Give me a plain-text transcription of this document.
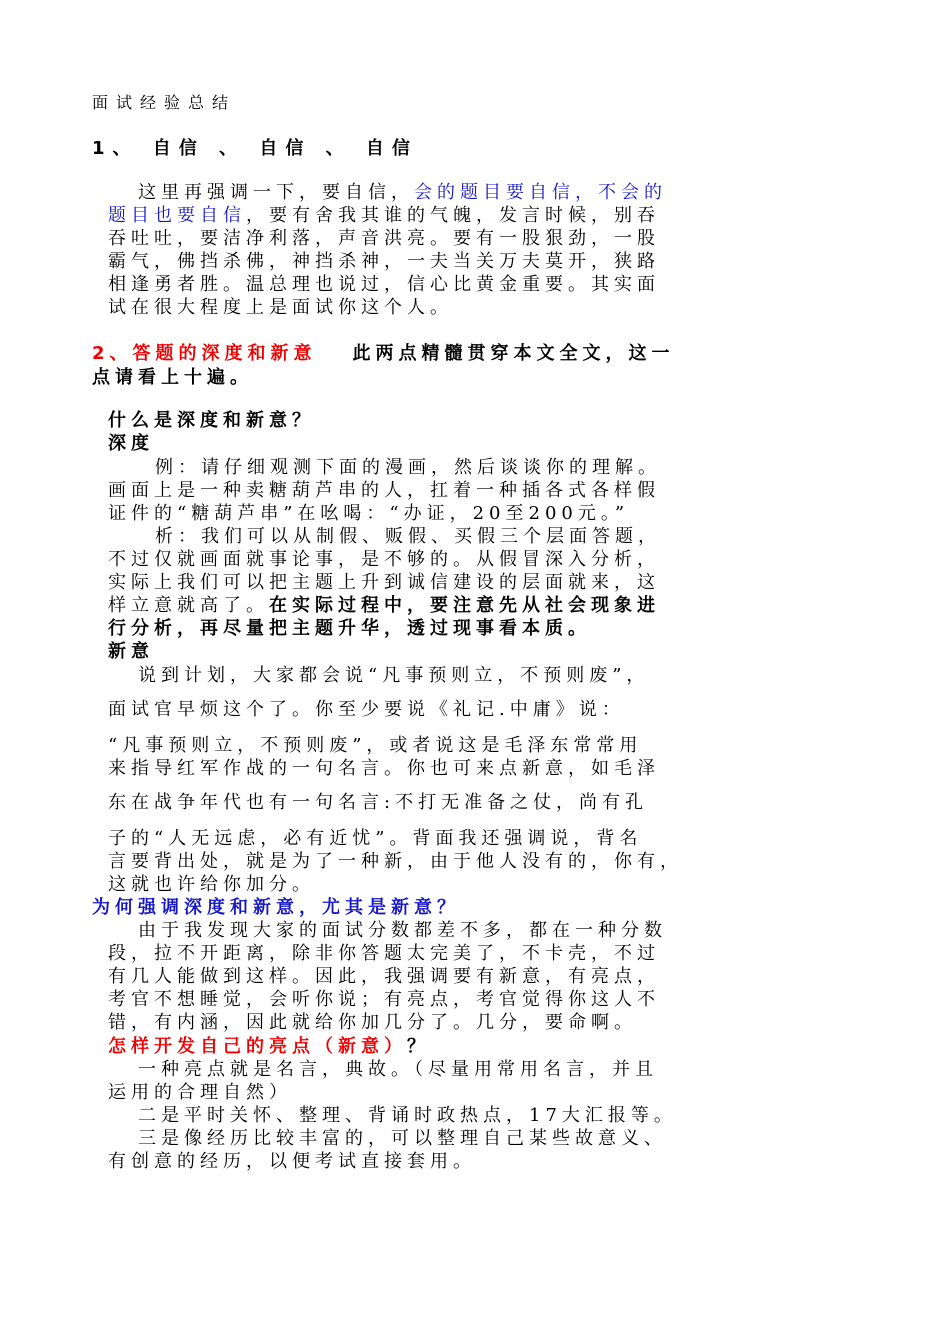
面试经验总结
1、 自信 、 自信 、 自信
这里再强调一下，要自信，会的题目要自信，不会的
题目也要自信，要有舍我其谁的气魄，发言时候，别吞
吞吐吐，要洁净利落，声音洪亮。要有一股狠劲，一股
霸气，佛挡杀佛，神挡杀神，一夫当关万夫莫开，狭路
相逢勇者胜。温总理也说过，信心比黄金重要。其实面
试在很大程度上是面试你这个人。
2、答题的深度和新意 此两点精髓贯穿本文全文，这一
点请看上十遍。
什么是深度和新意？
深度
例：请仔细观测下面的漫画，然后谈谈你的理解。
画面上是一种卖糖葫芦串的人，扛着一种插各式各样假
证件的“糖葫芦串”在吆喝：“办证，20至200元。”
析：我们可以从制假、贩假、买假三个层面答题，
不过仅就画面就事论事，是不够的。从假冒深入分析，
实际上我们可以把主题上升到诚信建设的层面就来，这
样立意就高了。在实际过程中，要注意先从社会现象进
行分析，再尽量把主题升华，透过现事看本质。
新意
说到计划，大家都会说“凡事预则立，不预则废”，
面试官早烦这个了。你至少要说《礼记.中庸》说：
“凡事预则立，不预则废”，或者说这是毛泽东常常用
来指导红军作战的一句名言。你也可来点新意，如毛泽
东在战争年代也有一句名言:不打无准备之仗，尚有孔
子的“人无远虑，必有近忧”。背面我还强调说，背名
言要背出处，就是为了一种新，由于他人没有的，你有，
这就也许给你加分。
为何强调深度和新意，尤其是新意？
由于我发现大家的面试分数都差不多，都在一种分数
段，拉不开距离，除非你答题太完美了，不卡壳，不过
有几人能做到这样。因此，我强调要有新意，有亮点，
考官不想睡觉，会听你说；有亮点，考官觉得你这人不
错，有内涵，因此就给你加几分了。几分，要命啊。
怎样开发自己的亮点（新意）？
一种亮点就是名言，典故。（尽量用常用名言，并且
运用的合理自然）
二是平时关怀、整理、背诵时政热点，17大汇报等。
三是像经历比较丰富的，可以整理自己某些故意义、
有创意的经历，以便考试直接套用。
